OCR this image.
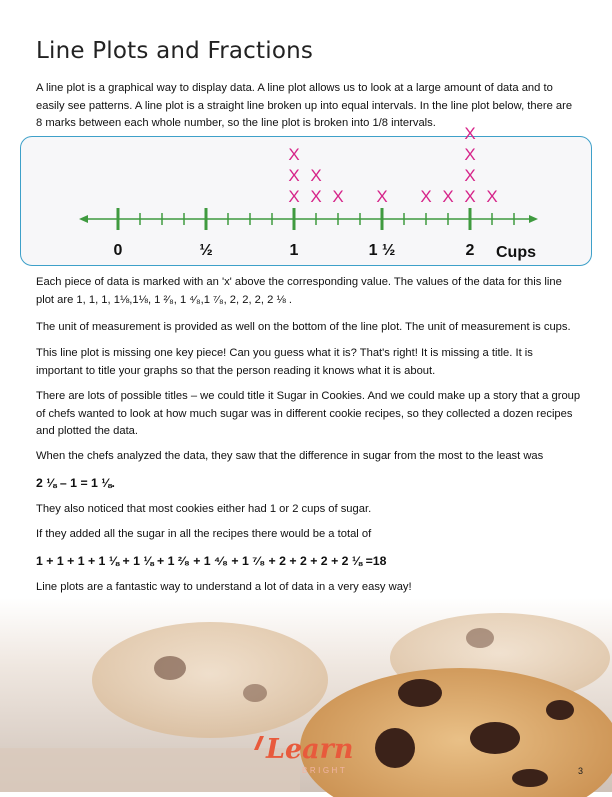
Line Plots and Fractions

A line plot is a graphical way to display data. A line plot allows us to look at a large amount of data and to easily see patterns. A line plot is a straight line broken up into equal intervals. In the line plot below, there are 8 marks between each whole number, so the line plot is broken into 1/8 intervals.

0	½	1	1 ½	2 Cups
X
X
X
X
X
X X X X X
X
X
X
X

Each piece of data is marked with an 'x' above the corresponding value. The values of the data for this line plot are 1, 1, 1, 1⅛,1⅛, 1 ²⁄₈, 1 ⁴⁄₈,1 ⁷⁄₈, 2, 2, 2, 2 ⅛ .

The unit of measurement is provided as well on the bottom of the line plot. The unit of measurement is cups.

This line plot is missing one key piece! Can you guess what it is? That's right! It is missing a title. It is important to title your graphs so that the person reading it knows what it is about.

There are lots of possible titles – we could title it Sugar in Cookies. And we could make up a story that a group of chefs wanted to look at how much sugar was in different cookie recipes, so they collected a dozen recipes and plotted the data.

When the chefs analyzed the data, they saw that the difference in sugar from the most to the least was

2 ⅛ – 1 = 1 ⅛.

They also noticed that most cookies either had 1 or 2 cups of sugar.

If they added all the sugar in all the recipes there would be a total of

1 + 1 + 1 + 1 ⅛ + 1 ⅛ + 1 ²⁄₈ + 1 ⁴⁄₈ + 1 ⁷⁄₈ + 2 + 2 + 2 + 2 ⅛ =18

Line plots are a fantastic way to understand a lot of data in a very easy way!

Learn
BRIGHT	3
